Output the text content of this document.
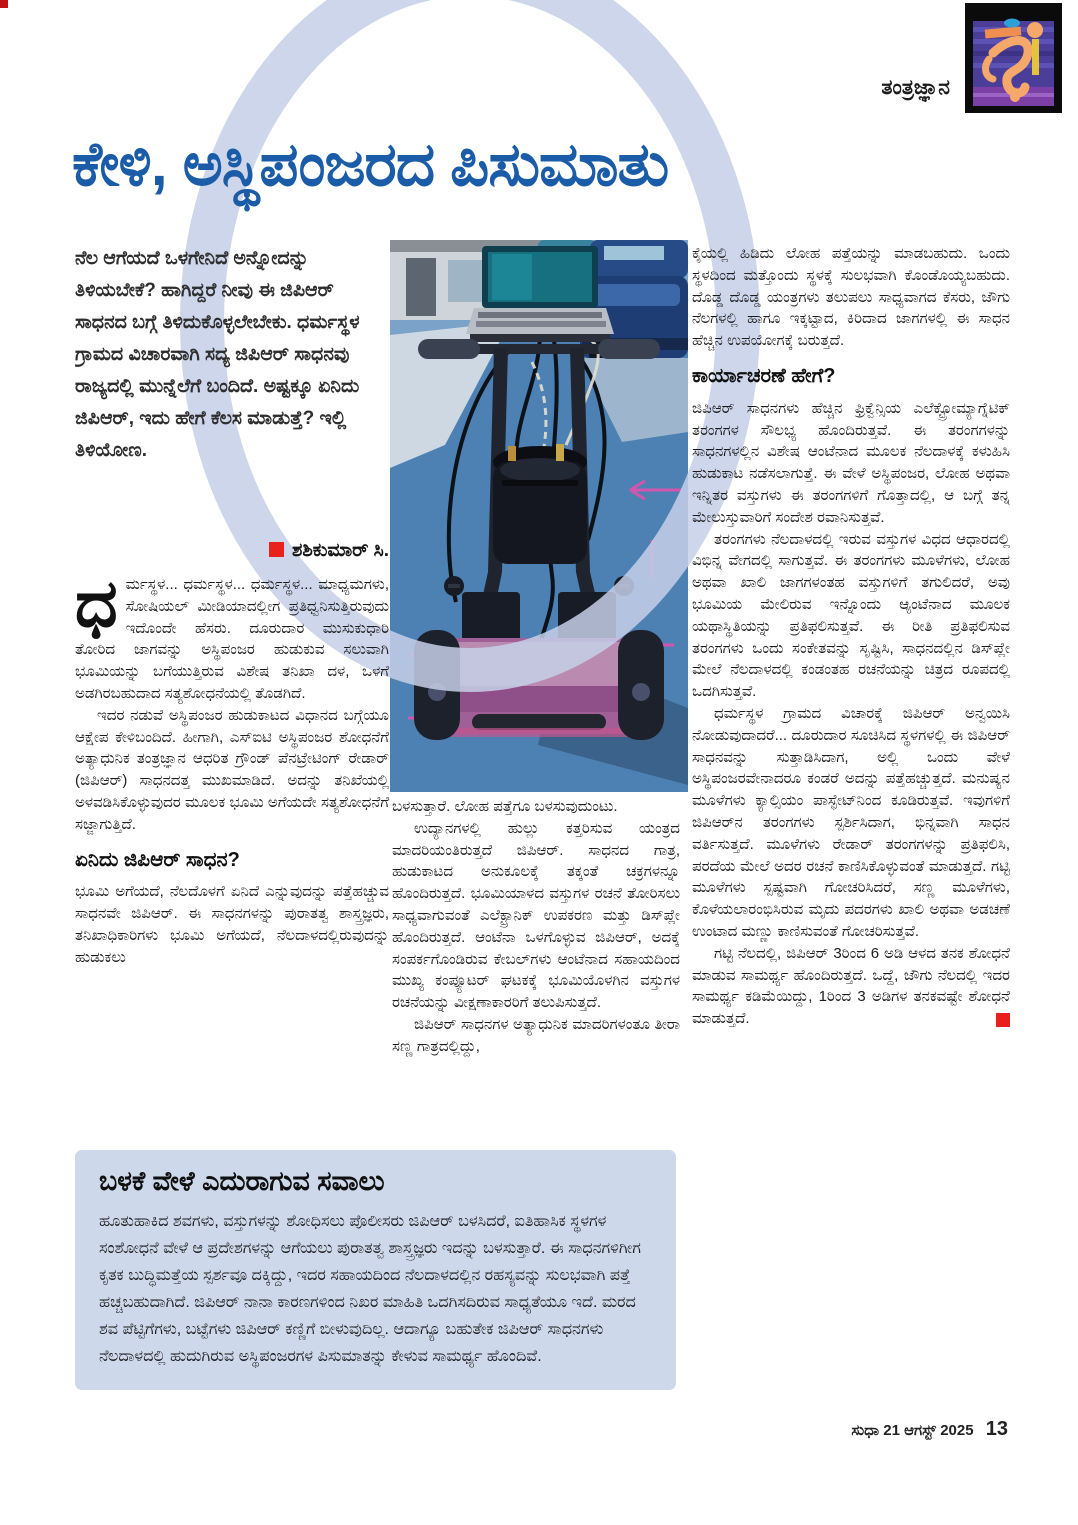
ತಂತ್ರಜ್ಞಾನ
ಕೇಳಿ, ಅಸ್ಥಿಪಂಜರದ ಪಿಸುಮಾತು
ನೆಲ ಆಗೆಯದೆ ಒಳಗೇನಿದೆ ಅನ್ನೋದನ್ನು ತಿಳಿಯಬೇಕೆ? ಹಾಗಿದ್ದರೆ ನೀವು ಈ ಜಿಪಿಆರ್ ಸಾಧನದ ಬಗ್ಗೆ ತಿಳಿದುಕೊಳ್ಳಲೇಬೇಕು. ಧರ್ಮಸ್ಥಳ ಗ್ರಾಮದ ವಿಚಾರವಾಗಿ ಸದ್ಯ ಜಿಪಿಆರ್ ಸಾಧನವು ರಾಜ್ಯದಲ್ಲಿ ಮುನ್ನೆಲೆಗೆ ಬಂದಿದೆ. ಅಷ್ಟಕ್ಕೂ ಏನಿದು ಜಿಪಿಆರ್, ಇದು ಹೇಗೆ ಕೆಲಸ ಮಾಡುತ್ತೆ? ಇಲ್ಲಿ ತಿಳಿಯೋಣ.
ಶಶಿಕುಮಾರ್ ಸಿ.

ಧರ್ಮಸ್ಥಳ... ಧರ್ಮಸ್ಥಳ... ಧರ್ಮಸ್ಥಳ... ಮಾಧ್ಯಮಗಳು, ಸೋಷಿಯಲ್ ಮೀಡಿಯಾದಲ್ಲೀಗ ಪ್ರತಿಧ್ವನಿಸುತ್ತಿರುವುದು ಇದೊಂದೇ ಹೆಸರು. ದೂರುದಾರ ಮುಸುಕುಧಾರಿ ತೋರಿದ ಜಾಗವನ್ನು ಅಸ್ಥಿಪಂಜರ ಹುಡುಕುವ ಸಲುವಾಗಿ ಭೂಮಿಯನ್ನು ಬಗೆಯುತ್ತಿರುವ ವಿಶೇಷ ತನಿಖಾ ದಳ, ಒಳಗೆ ಅಡಗಿರಬಹುದಾದ ಸತ್ಯಶೋಧನೆಯಲ್ಲಿ ತೊಡಗಿದೆ.

ಇದರ ನಡುವೆ ಅಸ್ಥಿಪಂಜರ ಹುಡುಕಾಟದ ವಿಧಾನದ ಬಗ್ಗೆಯೂ ಆಕ್ಷೇಪ ಕೇಳಿಬಂದಿದೆ. ಹೀಗಾಗಿ, ಎಸ್‌ಐಟಿ ಅಸ್ಥಿಪಂಜರ ಶೋಧನೆಗೆ ಅತ್ಯಾಧುನಿಕ ತಂತ್ರಜ್ಞಾನ ಆಧರಿತ ಗ್ರೌಂಡ್ ಪೆನಟ್ರೇಟಿಂಗ್ ರೇಡಾರ್ (ಜಿಪಿಆರ್) ಸಾಧನದತ್ತ ಮುಖಮಾಡಿದೆ. ಅದನ್ನು ತನಿಖೆಯಲ್ಲಿ ಅಳವಡಿಸಿಕೊಳ್ಳುವುದರ ಮೂಲಕ ಭೂಮಿ ಅಗೆಯದೇ ಸತ್ಯಶೋಧನೆಗೆ ಸಜ್ಜಾಗುತ್ತಿದೆ.

ಏನಿದು ಜಿಪಿಆರ್ ಸಾಧನ?

ಭೂಮಿ ಅಗೆಯದೆ, ನೆಲದೊಳಗೆ ಏನಿದೆ ಎನ್ನುವುದನ್ನು ಪತ್ತೆಹಚ್ಚುವ ಸಾಧನವೇ ಜಿಪಿಆರ್. ಈ ಸಾಧನಗಳನ್ನು ಪುರಾತತ್ವ ಶಾಸ್ತ್ರಜ್ಞರು, ತನಿಖಾಧಿಕಾರಿಗಳು ಭೂಮಿ ಅಗೆಯದೆ, ನೆಲದಾಳದಲ್ಲಿರುವುದನ್ನು ಹುಡುಕಲು

ಬಳಸುತ್ತಾರೆ. ಲೋಹ ಪತ್ತೆಗೂ ಬಳಸುವುದುಂಟು.

ಉದ್ಯಾನಗಳಲ್ಲಿ ಹುಲ್ಲು ಕತ್ತರಿಸುವ ಯಂತ್ರದ ಮಾದರಿಯಂತಿರುತ್ತದೆ ಜಿಪಿಆರ್. ಸಾಧನದ ಗಾತ್ರ, ಹುಡುಕಾಟದ ಅನುಕೂಲಕ್ಕೆ ತಕ್ಕಂತೆ ಚಕ್ರಗಳನ್ನೂ ಹೊಂದಿರುತ್ತದೆ. ಭೂಮಿಯಾಳದ ವಸ್ತುಗಳ ರಚನೆ ತೋರಿಸಲು ಸಾಧ್ಯವಾಗುವಂತೆ ಎಲೆಕ್ಟ್ರಾನಿಕ್ ಉಪಕರಣ ಮತ್ತು ಡಿಸ್‌ಪ್ಲೇ ಹೊಂದಿರುತ್ತದೆ. ಆಂಟೆನಾ ಒಳಗೊಳ್ಳುವ ಜಿಪಿಆರ್, ಅದಕ್ಕೆ ಸಂಪರ್ಕಗೊಂಡಿರುವ ಕೇಬಲ್‌ಗಳು ಆಂಟೆನಾದ ಸಹಾಯದಿಂದ ಮುಖ್ಯ ಕಂಪ್ಯೂಟರ್ ಘಟಕಕ್ಕೆ ಭೂಮಿಯೊಳಗಿನ ವಸ್ತುಗಳ ರಚನೆಯನ್ನು ವೀಕ್ಷಣಾಕಾರರಿಗೆ ತಲುಪಿಸುತ್ತದೆ.

ಜಿಪಿಆರ್ ಸಾಧನಗಳ ಅತ್ಯಾಧುನಿಕ ಮಾದರಿಗಳಂತೂ ತೀರಾ ಸಣ್ಣ ಗಾತ್ರದಲ್ಲಿದ್ದು,

ಕೈಯಲ್ಲಿ ಹಿಡಿದು ಲೋಹ ಪತ್ತೆಯನ್ನು ಮಾಡಬಹುದು. ಒಂದು ಸ್ಥಳದಿಂದ ಮತ್ತೊಂದು ಸ್ಥಳಕ್ಕೆ ಸುಲಭವಾಗಿ ಕೊಂಡೊಯ್ಯಬಹುದು. ದೊಡ್ಡ ದೊಡ್ಡ ಯಂತ್ರಗಳು ತಲುಪಲು ಸಾಧ್ಯವಾಗದ ಕೆಸರು, ಜೌಗು ನೆಲಗಳಲ್ಲಿ ಹಾಗೂ ಇಕ್ಕಟ್ಟಾದ, ಕಿರಿದಾದ ಜಾಗಗಳಲ್ಲಿ ಈ ಸಾಧನ ಹೆಚ್ಚಿನ ಉಪಯೋಗಕ್ಕೆ ಬರುತ್ತದೆ.

ಕಾರ್ಯಾಚರಣೆ ಹೇಗೆ?

ಜಿಪಿಆರ್ ಸಾಧನಗಳು ಹೆಚ್ಚಿನ ಫ್ರಿಕ್ವೆನ್ಸಿಯ ಎಲೆಕ್ಟ್ರೋಮ್ಯಾಗ್ನೆಟಿಕ್ ತರಂಗಗಳ ಸೌಲಭ್ಯ ಹೊಂದಿರುತ್ತವೆ. ಈ ತರಂಗಗಳನ್ನು ಸಾಧನಗಳಲ್ಲಿನ ವಿಶೇಷ ಆಂಟೆನಾದ ಮೂಲಕ ನೆಲದಾಳಕ್ಕೆ ಕಳುಹಿಸಿ ಹುಡುಕಾಟ ನಡೆಸಲಾಗುತ್ತೆ. ಈ ವೇಳೆ ಅಸ್ಥಿಪಂಜರ, ಲೋಹ ಅಥವಾ ಇನ್ನಿತರ ವಸ್ತುಗಳು ಈ ತರಂಗಗಳಿಗೆ ಗೊತ್ತಾದಲ್ಲಿ, ಆ ಬಗ್ಗೆ ತನ್ನ ಮೇಲುಸ್ತುವಾರಿಗೆ ಸಂದೇಶ ರವಾನಿಸುತ್ತವೆ.

ತರಂಗಗಳು ನೆಲದಾಳದಲ್ಲಿ ಇರುವ ವಸ್ತುಗಳ ವಿಧದ ಆಧಾರದಲ್ಲಿ ವಿಭಿನ್ನ ವೇಗದಲ್ಲಿ ಸಾಗುತ್ತವೆ. ಈ ತರಂಗಗಳು ಮೂಳೆಗಳು, ಲೋಹ ಅಥವಾ ಖಾಲಿ ಜಾಗಗಳಂತಹ ವಸ್ತುಗಳಿಗೆ ತಗುಲಿದರೆ, ಅವು ಭೂಮಿಯ ಮೇಲಿರುವ ಇನ್ನೊಂದು ಆ್ಯಂಟೆನಾದ ಮೂಲಕ ಯಥಾಸ್ಥಿತಿಯನ್ನು ಪ್ರತಿಫಲಿಸುತ್ತವೆ. ಈ ರೀತಿ ಪ್ರತಿಫಲಿಸುವ ತರಂಗಗಳು ಒಂದು ಸಂಕೇತವನ್ನು ಸೃಷ್ಟಿಸಿ, ಸಾಧನದಲ್ಲಿನ ಡಿಸ್‌ಪ್ಲೇ ಮೇಲೆ ನೆಲದಾಳದಲ್ಲಿ ಕಂಡಂತಹ ರಚನೆಯನ್ನು ಚಿತ್ರದ ರೂಪದಲ್ಲಿ ಒದಗಿಸುತ್ತವೆ.

ಧರ್ಮಸ್ಥಳ ಗ್ರಾಮದ ವಿಚಾರಕ್ಕೆ ಜಿಪಿಆರ್ ಅನ್ವಯಿಸಿ ನೋಡುವುದಾದರೆ... ದೂರುದಾರ ಸೂಚಿಸಿದ ಸ್ಥಳಗಳಲ್ಲಿ ಈ ಜಿಪಿಆರ್ ಸಾಧನವನ್ನು ಸುತ್ತಾಡಿಸಿದಾಗ, ಅಲ್ಲಿ ಒಂದು ವೇಳೆ ಅಸ್ಥಿಪಂಜರವೇನಾದರೂ ಕಂಡರೆ ಅದನ್ನು ಪತ್ತೆಹಚ್ಚುತ್ತದೆ. ಮನುಷ್ಯನ ಮೂಳೆಗಳು ಕ್ಯಾಲ್ಸಿಯಂ ಪಾಸ್ಫೇಟ್‌ನಿಂದ ಕೂಡಿರುತ್ತವೆ. ಇವುಗಳಿಗೆ ಜಿಪಿಆರ್‌ನ ತರಂಗಗಳು ಸ್ಪರ್ಶಿಸಿದಾಗ, ಭಿನ್ನವಾಗಿ ಸಾಧನ ವರ್ತಿಸುತ್ತದೆ. ಮೂಳೆಗಳು ರೇಡಾರ್ ತರಂಗಗಳನ್ನು ಪ್ರತಿಫಲಿಸಿ, ಪರದೆಯ ಮೇಲೆ ಅದರ ರಚನೆ ಕಾಣಿಸಿಕೊಳ್ಳುವಂತೆ ಮಾಡುತ್ತದೆ. ಗಟ್ಟಿ ಮೂಳೆಗಳು ಸ್ಪಷ್ಟವಾಗಿ ಗೋಚರಿಸಿದರೆ, ಸಣ್ಣ ಮೂಳೆಗಳು, ಕೊಳೆಯಲಾರಂಭಿಸಿರುವ ಮೃದು ಪದರಗಳು ಖಾಲಿ ಅಥವಾ ಅಡಚಣೆ ಉಂಟಾದ ಮಣ್ಣು ಕಾಣಿಸುವಂತೆ ಗೋಚರಿಸುತ್ತವೆ.

ಗಟ್ಟಿ ನೆಲದಲ್ಲಿ, ಜಿಪಿಆರ್ 3ರಿಂದ 6 ಅಡಿ ಆಳದ ತನಕ ಶೋಧನೆ ಮಾಡುವ ಸಾಮರ್ಥ್ಯ ಹೊಂದಿರುತ್ತದೆ. ಒದ್ದೆ, ಜೌಗು ನೆಲದಲ್ಲಿ ಇದರ ಸಾಮರ್ಥ್ಯ ಕಡಿಮೆಯಿದ್ದು, 1ರಿಂದ 3 ಅಡಿಗಳ ತನಕವಷ್ಟೇ ಶೋಧನೆ ಮಾಡುತ್ತದೆ.

ಬಳಕೆ ವೇಳೆ ಎದುರಾಗುವ ಸವಾಲು
ಹೂತುಹಾಕಿದ ಶವಗಳು, ವಸ್ತುಗಳನ್ನು ಶೋಧಿಸಲು ಪೊಲೀಸರು ಜಿಪಿಆರ್ ಬಳಸಿದರೆ, ಐತಿಹಾಸಿಕ ಸ್ಥಳಗಳ ಸಂಶೋಧನೆ ವೇಳೆ ಆ ಪ್ರದೇಶಗಳನ್ನು ಆಗೆಯಲು ಪುರಾತತ್ವ ಶಾಸ್ತ್ರಜ್ಞರು ಇದನ್ನು ಬಳಸುತ್ತಾರೆ. ಈ ಸಾಧನಗಳಿಗೀಗ ಕೃತಕ ಬುದ್ಧಿಮತ್ತೆಯ ಸ್ಪರ್ಶವೂ ದಕ್ಕಿದ್ದು, ಇದರ ಸಹಾಯದಿಂದ ನೆಲದಾಳದಲ್ಲಿನ ರಹಸ್ಯವನ್ನು ಸುಲಭವಾಗಿ ಪತ್ತೆ ಹಚ್ಚಬಹುದಾಗಿದೆ. ಜಿಪಿಆರ್ ನಾನಾ ಕಾರಣಗಳಿಂದ ನಿಖರ ಮಾಹಿತಿ ಒದಗಿಸದಿರುವ ಸಾಧ್ಯತೆಯೂ ಇದೆ. ಮರದ ಶವ ಪೆಟ್ಟಿಗೆಗಳು, ಬಟ್ಟೆಗಳು ಜಿಪಿಆರ್ ಕಣ್ಣಿಗೆ ಬೀಳುವುದಿಲ್ಲ. ಆದಾಗ್ಯೂ ಬಹುತೇಕ ಜಿಪಿಆರ್ ಸಾಧನಗಳು ನೆಲದಾಳದಲ್ಲಿ ಹುದುಗಿರುವ ಅಸ್ಥಿಪಂಜರಗಳ ಪಿಸುಮಾತನ್ನು ಕೇಳುವ ಸಾಮರ್ಥ್ಯ ಹೊಂದಿವೆ.
ಸುಧಾ 21 ಆಗಸ್ಟ್ 2025 13
